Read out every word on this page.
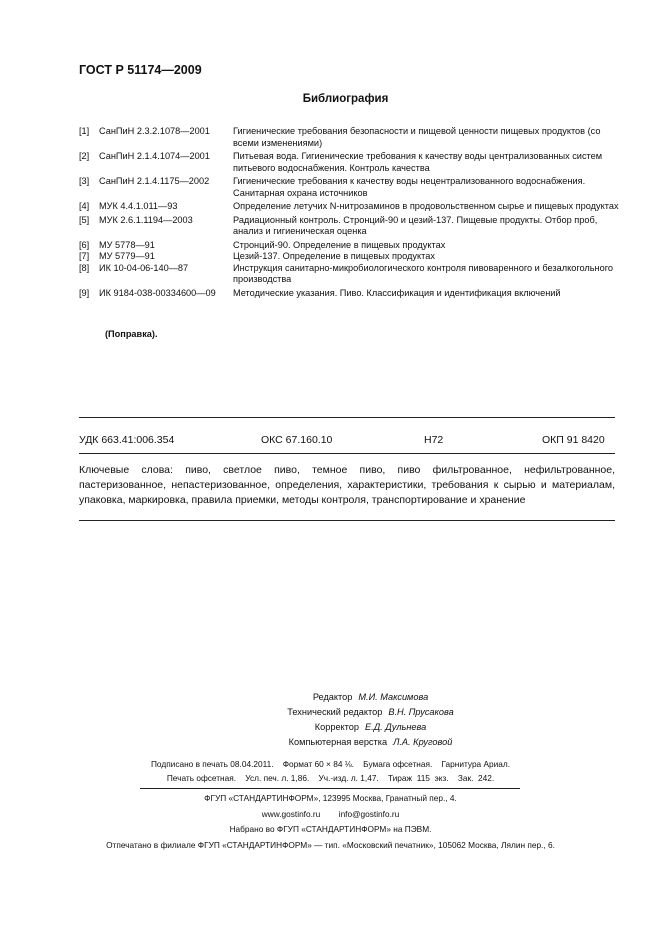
ГОСТ Р 51174—2009
Библиография
[1]	СанПиН 2.3.2.1078—2001	Гигиенические требования безопасности и пищевой ценности пищевых продуктов (со всеми изменениями)
[2]	СанПиН 2.1.4.1074—2001	Питьевая вода. Гигиенические требования к качеству воды централизованных систем питьевого водоснабжения. Контроль качества
[3]	СанПиН 2.1.4.1175—2002	Гигиенические требования к качеству воды нецентрализованного водоснабжения. Санитарная охрана источников
[4]	МУК 4.4.1.011—93	Определение летучих N-нитрозаминов в продовольственном сырье и пищевых продуктах
[5]	МУК 2.6.1.1194—2003	Радиационный контроль. Стронций-90 и цезий-137. Пищевые продукты. Отбор проб, анализ и гигиеническая оценка
[6]	МУ 5778—91	Стронций-90. Определение в пищевых продуктах
[7]	МУ 5779—91	Цезий-137. Определение в пищевых продуктах
[8]	ИК 10-04-06-140—87	Инструкция санитарно-микробиологического контроля пивоваренного и безалкогольного производства
[9]	ИК 9184-038-00334600—09	Методические указания. Пиво. Классификация и идентификация включений
(Поправка).
УДК 663.41:006.354	ОКС 67.160.10	Н72	ОКП 91 8420
Ключевые слова: пиво, светлое пиво, темное пиво, пиво фильтрованное, нефильтрованное, пастеризованное, непастеризованное, определения, характеристики, требования к сырью и материалам, упаковка, маркировка, правила приемки, методы контроля, транспортирование и хранение
Редактор М.И. Максимова
Технический редактор В.Н. Прусакова
Корректор Е.Д. Дульнева
Компьютерная верстка Л.А. Круговой
Подписано в печать 08.04.2011.    Формат 60 × 84 ⅛.    Бумага офсетная.    Гарнитура Ариал.
Печать офсетная.    Усл. печ. л. 1,86.    Уч.-изд. л. 1,47.    Тираж  115  экз.    Зак.  242.
ФГУП «СТАНДАРТИНФОРМ», 123995 Москва, Гранатный пер., 4.
www.gostinfo.ru        info@gostinfo.ru
Набрано во ФГУП «СТАНДАРТИНФОРМ» на ПЭВМ.
Отпечатано в филиале ФГУП «СТАНДАРТИНФОРМ» — тип. «Московский печатник», 105062 Москва, Лялин пер., 6.
